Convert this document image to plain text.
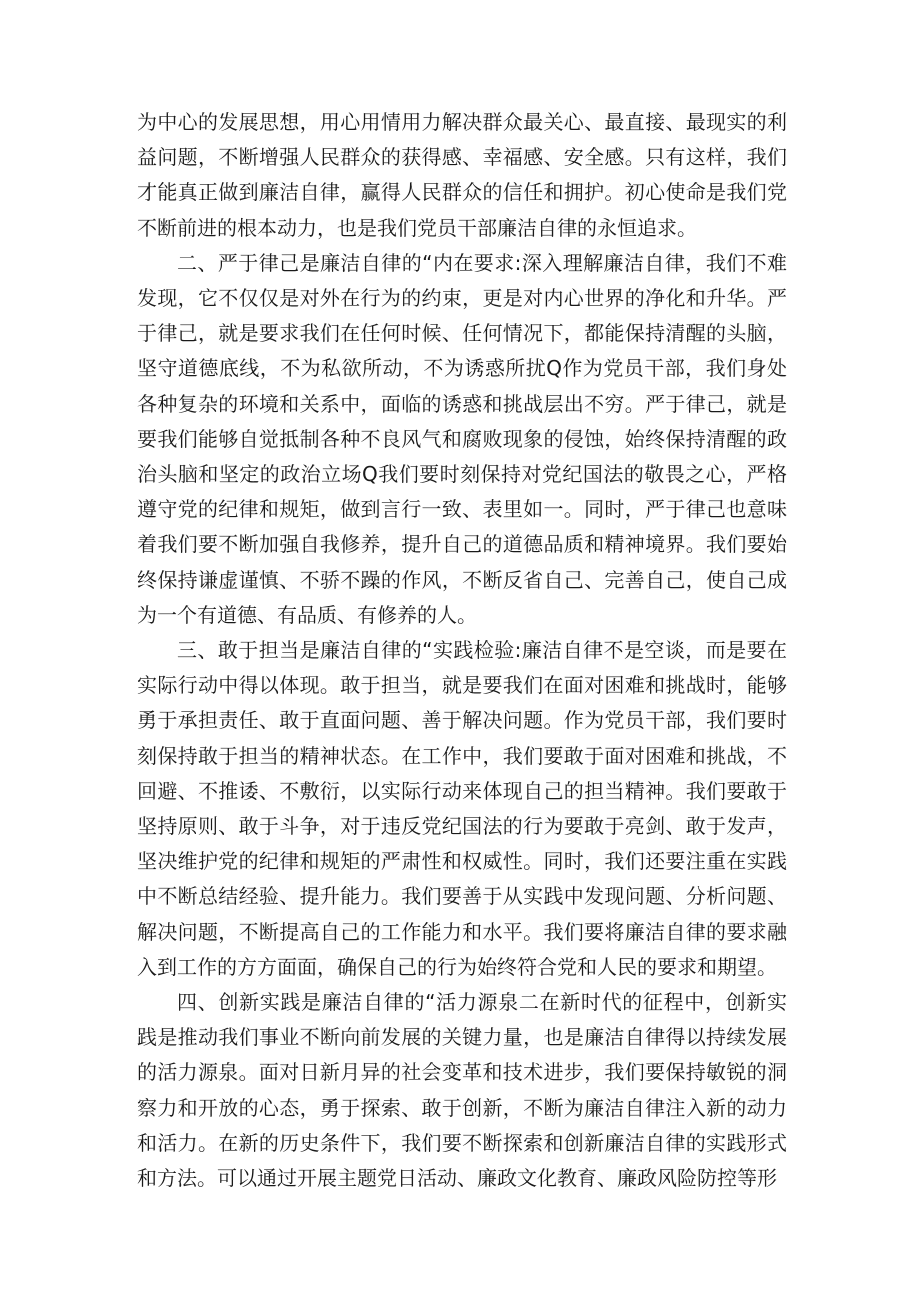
为中心的发展思想，用心用情用力解决群众最关心、最直接、最现实的利益问题，不断增强人民群众的获得感、幸福感、安全感。只有这样，我们才能真正做到廉洁自律，赢得人民群众的信任和拥护。初心使命是我们党不断前进的根本动力，也是我们党员干部廉洁自律的永恒追求。

二、严于律己是廉洁自律的“内在要求:深入理解廉洁自律，我们不难发现，它不仅仅是对外在行为的约束，更是对内心世界的净化和升华。严于律己，就是要求我们在任何时候、任何情况下，都能保持清醒的头脑，坚守道德底线，不为私欲所动，不为诱惑所扰Q作为党员干部，我们身处各种复杂的环境和关系中，面临的诱惑和挑战层出不穷。严于律己，就是要我们能够自觉抵制各种不良风气和腐败现象的侵蚀，始终保持清醒的政治头脑和坚定的政治立场Q我们要时刻保持对党纪国法的敬畏之心，严格遵守党的纪律和规矩，做到言行一致、表里如一。同时，严于律己也意味着我们要不断加强自我修养，提升自己的道德品质和精神境界。我们要始终保持谦虚谨慎、不骄不躁的作风，不断反省自己、完善自己，使自己成为一个有道德、有品质、有修养的人。

三、敢于担当是廉洁自律的“实践检验:廉洁自律不是空谈，而是要在实际行动中得以体现。敢于担当，就是要我们在面对困难和挑战时，能够勇于承担责任、敢于直面问题、善于解决问题。作为党员干部，我们要时刻保持敢于担当的精神状态。在工作中，我们要敢于面对困难和挑战，不回避、不推诿、不敷衍，以实际行动来体现自己的担当精神。我们要敢于坚持原则、敢于斗争，对于违反党纪国法的行为要敢于亮剑、敢于发声，坚决维护党的纪律和规矩的严肃性和权威性。同时，我们还要注重在实践中不断总结经验、提升能力。我们要善于从实践中发现问题、分析问题、解决问题，不断提高自己的工作能力和水平。我们要将廉洁自律的要求融入到工作的方方面面，确保自己的行为始终符合党和人民的要求和期望。

四、创新实践是廉洁自律的“活力源泉二在新时代的征程中，创新实践是推动我们事业不断向前发展的关键力量，也是廉洁自律得以持续发展的活力源泉。面对日新月异的社会变革和技术进步，我们要保持敏锐的洞察力和开放的心态，勇于探索、敢于创新，不断为廉洁自律注入新的动力和活力。在新的历史条件下，我们要不断探索和创新廉洁自律的实践形式和方法。可以通过开展主题党日活动、廉政文化教育、廉政风险防控等形
